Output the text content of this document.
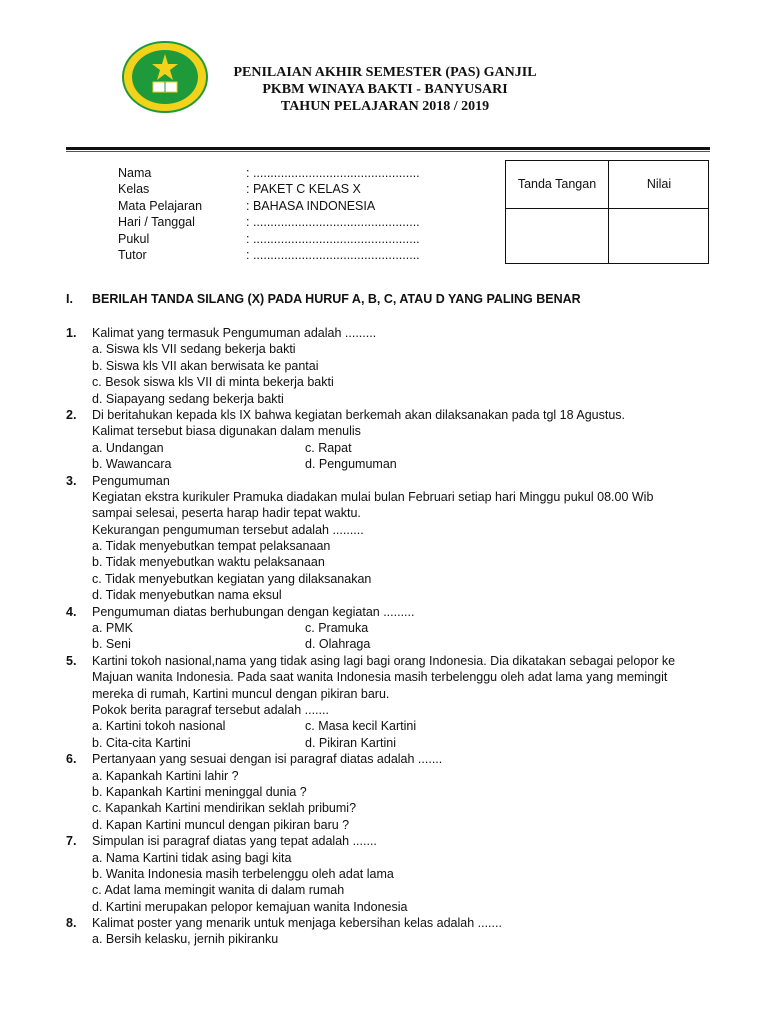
PENILAIAN AKHIR SEMESTER (PAS) GANJIL
PKBM WINAYA BAKTI - BANYUSARI
TAHUN PELAJARAN 2018 / 2019
Nama	: ................................................
Kelas	: PAKET C KELAS X
Mata Pelajaran	: BAHASA INDONESIA
Hari / Tanggal	: ................................................
Pukul	: ................................................
Tutor	: ................................................
Tanda Tangan	Nilai
I. BERILAH TANDA SILANG (X) PADA HURUF A, B, C, ATAU D YANG PALING BENAR
1. Kalimat yang termasuk Pengumuman adalah .........
a. Siswa kls VII sedang bekerja bakti
b. Siswa kls VII akan berwisata ke pantai
c. Besok siswa kls VII di minta bekerja bakti
d. Siapayang sedang bekerja bakti
2. Di beritahukan kepada kls IX bahwa kegiatan berkemah akan dilaksanakan pada tgl 18 Agustus.
Kalimat tersebut biasa digunakan dalam menulis
a. Undangan	c. Rapat
b. Wawancara	d. Pengumuman
3. Pengumuman
Kegiatan ekstra kurikuler Pramuka diadakan mulai bulan Februari setiap hari Minggu pukul 08.00 Wib
sampai selesai, peserta harap hadir tepat waktu.
Kekurangan pengumuman tersebut adalah .........
a. Tidak menyebutkan tempat pelaksanaan
b. Tidak menyebutkan waktu pelaksanaan
c. Tidak menyebutkan kegiatan yang dilaksanakan
d. Tidak menyebutkan nama eksul
4. Pengumuman diatas berhubungan dengan kegiatan .........
a. PMK	c. Pramuka
b. Seni	d. Olahraga
5. Kartini tokoh nasional,nama yang tidak asing lagi bagi orang Indonesia. Dia dikatakan sebagai pelopor ke
Majuan wanita Indonesia. Pada saat wanita Indonesia masih terbelenggu oleh adat lama yang memingit
mereka di rumah, Kartini muncul dengan pikiran baru.
Pokok berita paragraf tersebut adalah .......
a. Kartini tokoh nasional	c. Masa kecil Kartini
b. Cita-cita Kartini	d. Pikiran Kartini
6. Pertanyaan yang sesuai dengan isi paragraf diatas adalah .......
a. Kapankah Kartini lahir ?
b. Kapankah Kartini meninggal dunia ?
c. Kapankah Kartini mendirikan seklah pribumi?
d. Kapan Kartini muncul dengan pikiran baru ?
7. Simpulan isi paragraf diatas yang tepat adalah .......
a. Nama Kartini tidak asing bagi kita
b. Wanita Indonesia masih terbelenggu oleh adat lama
c. Adat lama memingit wanita di dalam rumah
d. Kartini merupakan pelopor kemajuan wanita Indonesia
8. Kalimat poster yang menarik untuk menjaga kebersihan kelas adalah .......
a. Bersih kelasku, jernih pikiranku
